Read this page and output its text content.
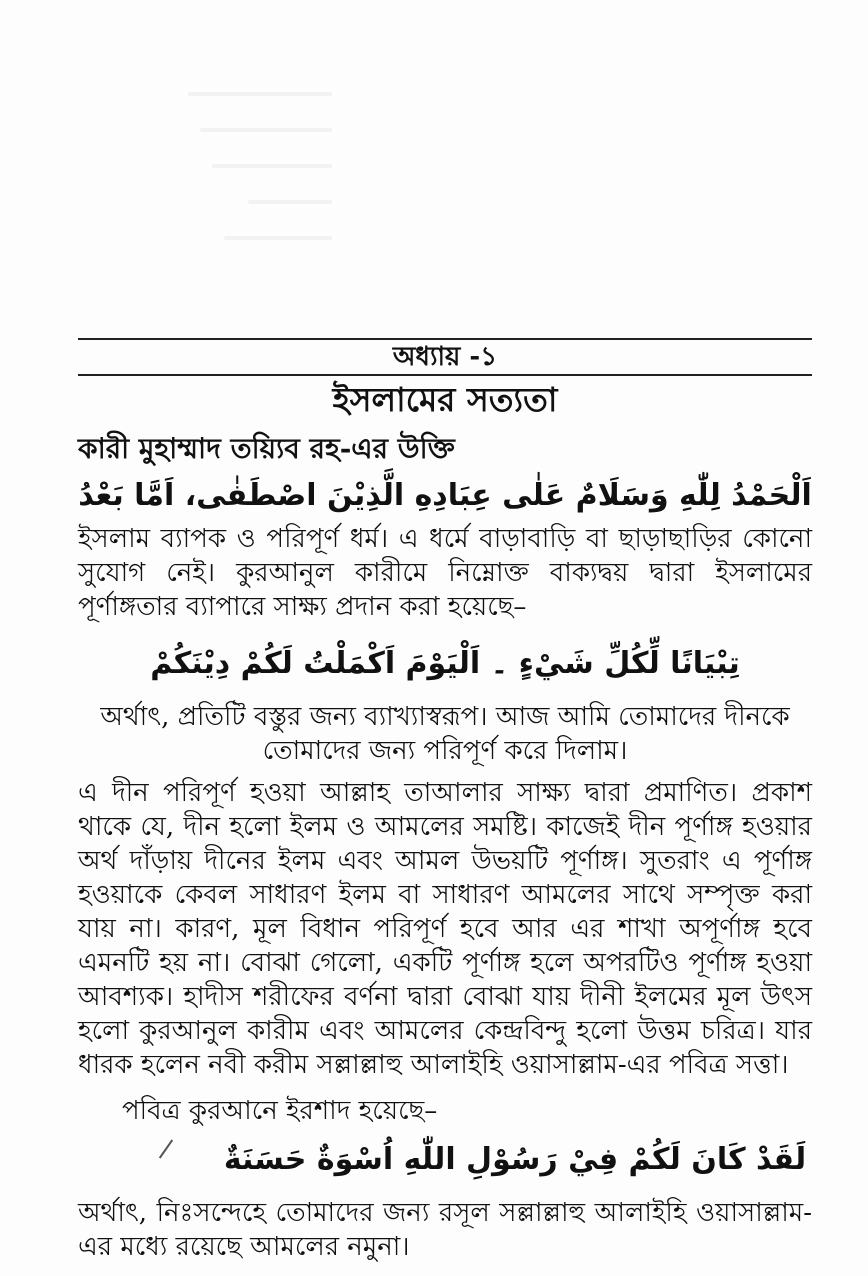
অধ্যায় -১
ইসলামের সত্যতা
কারী মুহাম্মাদ তয়্যিব রহ-এর উক্তি
اَلْحَمْدُ لِلّٰهِ وَسَلَامٌ عَلٰى عِبَادِهِ الَّذِيْنَ اصْطَفٰى، اَمَّا بَعْدُ

ইসলাম ব্যাপক ও পরিপূর্ণ ধর্ম। এ ধর্মে বাড়াবাড়ি বা ছাড়াছাড়ির কোনো সুযোগ নেই। কুরআনুল কারীমে নিম্নোক্ত বাক্যদ্বয় দ্বারা ইসলামের পূর্ণাঙ্গতার ব্যাপারে সাক্ষ্য প্রদান করা হয়েছে–

تِبْيَانًا لِّكُلِّ شَيْءٍ ۔ اَلْيَوْمَ اَكْمَلْتُ لَكُمْ دِيْنَكُمْ

অর্থাৎ, প্রতিটি বস্তুর জন্য ব্যাখ্যাস্বরূপ। আজ আমি তোমাদের দীনকে তোমাদের জন্য পরিপূর্ণ করে দিলাম।

এ দীন পরিপূর্ণ হওয়া আল্লাহ তাআলার সাক্ষ্য দ্বারা প্রমাণিত। প্রকাশ থাকে যে, দীন হলো ইলম ও আমলের সমষ্টি। কাজেই দীন পূর্ণাঙ্গ হওয়ার অর্থ দাঁড়ায় দীনের ইলম এবং আমল উভয়টি পূর্ণাঙ্গ। সুতরাং এ পূর্ণাঙ্গ হওয়াকে কেবল সাধারণ ইলম বা সাধারণ আমলের সাথে সম্পৃক্ত করা যায় না। কারণ, মূল বিধান পরিপূর্ণ হবে আর এর শাখা অপূর্ণাঙ্গ হবে এমনটি হয় না। বোঝা গেলো, একটি পূর্ণাঙ্গ হলে অপরটিও পূর্ণাঙ্গ হওয়া আবশ্যক। হাদীস শরীফের বর্ণনা দ্বারা বোঝা যায় দীনী ইলমের মূল উৎস হলো কুরআনুল কারীম এবং আমলের কেন্দ্রবিন্দু হলো উত্তম চরিত্র। যার ধারক হলেন নবী করীম সল্লাল্লাহু আলাইহি ওয়াসাল্লাম-এর পবিত্র সত্তা।

পবিত্র কুরআনে ইরশাদ হয়েছে–

لَقَدْ كَانَ لَكُمْ فِيْ رَسُوْلِ اللّٰهِ اُسْوَةٌ حَسَنَةٌ

অর্থাৎ, নিঃসন্দেহে তোমাদের জন্য রসূল সল্লাল্লাহু আলাইহি ওয়াসাল্লাম-এর মধ্যে রয়েছে আমলের নমুনা।
